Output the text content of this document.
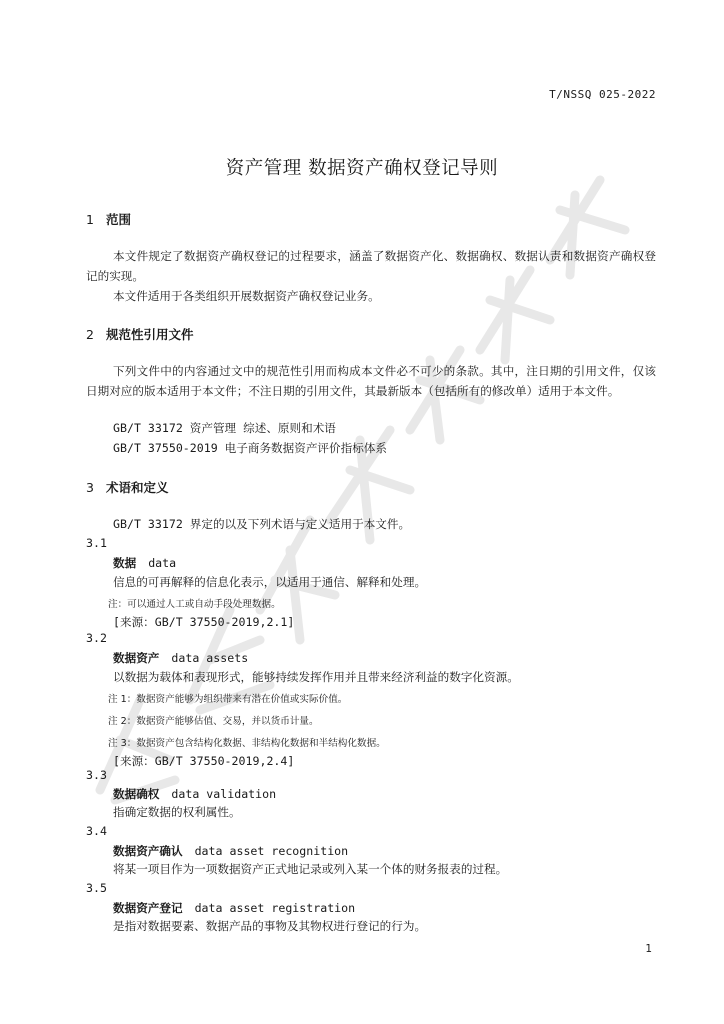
T/NSSQ 025-2022
资产管理 数据资产确权登记导则
1 范围
本文件规定了数据资产确权登记的过程要求，涵盖了数据资产化、数据确权、数据认责和数据资产确权登记的实现。
本文件适用于各类组织开展数据资产确权登记业务。
2 规范性引用文件
下列文件中的内容通过文中的规范性引用而构成本文件必不可少的条款。其中，注日期的引用文件，仅该日期对应的版本适用于本文件；不注日期的引用文件，其最新版本（包括所有的修改单）适用于本文件。
GB/T 33172 资产管理 综述、原则和术语
GB/T 37550-2019 电子商务数据资产评价指标体系
3 术语和定义
GB/T 33172 界定的以及下列术语与定义适用于本文件。
3.1
数据 data
信息的可再解释的信息化表示，以适用于通信、解释和处理。
注：可以通过人工或自动手段处理数据。
[来源：GB/T 37550-2019,2.1]
3.2
数据资产 data assets
以数据为载体和表现形式，能够持续发挥作用并且带来经济利益的数字化资源。
注 1：数据资产能够为组织带来有潜在价值或实际价值。
注 2：数据资产能够估值、交易，并以货币计量。
注 3：数据资产包含结构化数据、非结构化数据和半结构化数据。
[来源：GB/T 37550-2019,2.4]
3.3
数据确权 data validation
指确定数据的权利属性。
3.4
数据资产确认 data asset recognition
将某一项目作为一项数据资产正式地记录或列入某一个体的财务报表的过程。
3.5
数据资产登记 data asset registration
是指对数据要素、数据产品的事物及其物权进行登记的行为。
1
